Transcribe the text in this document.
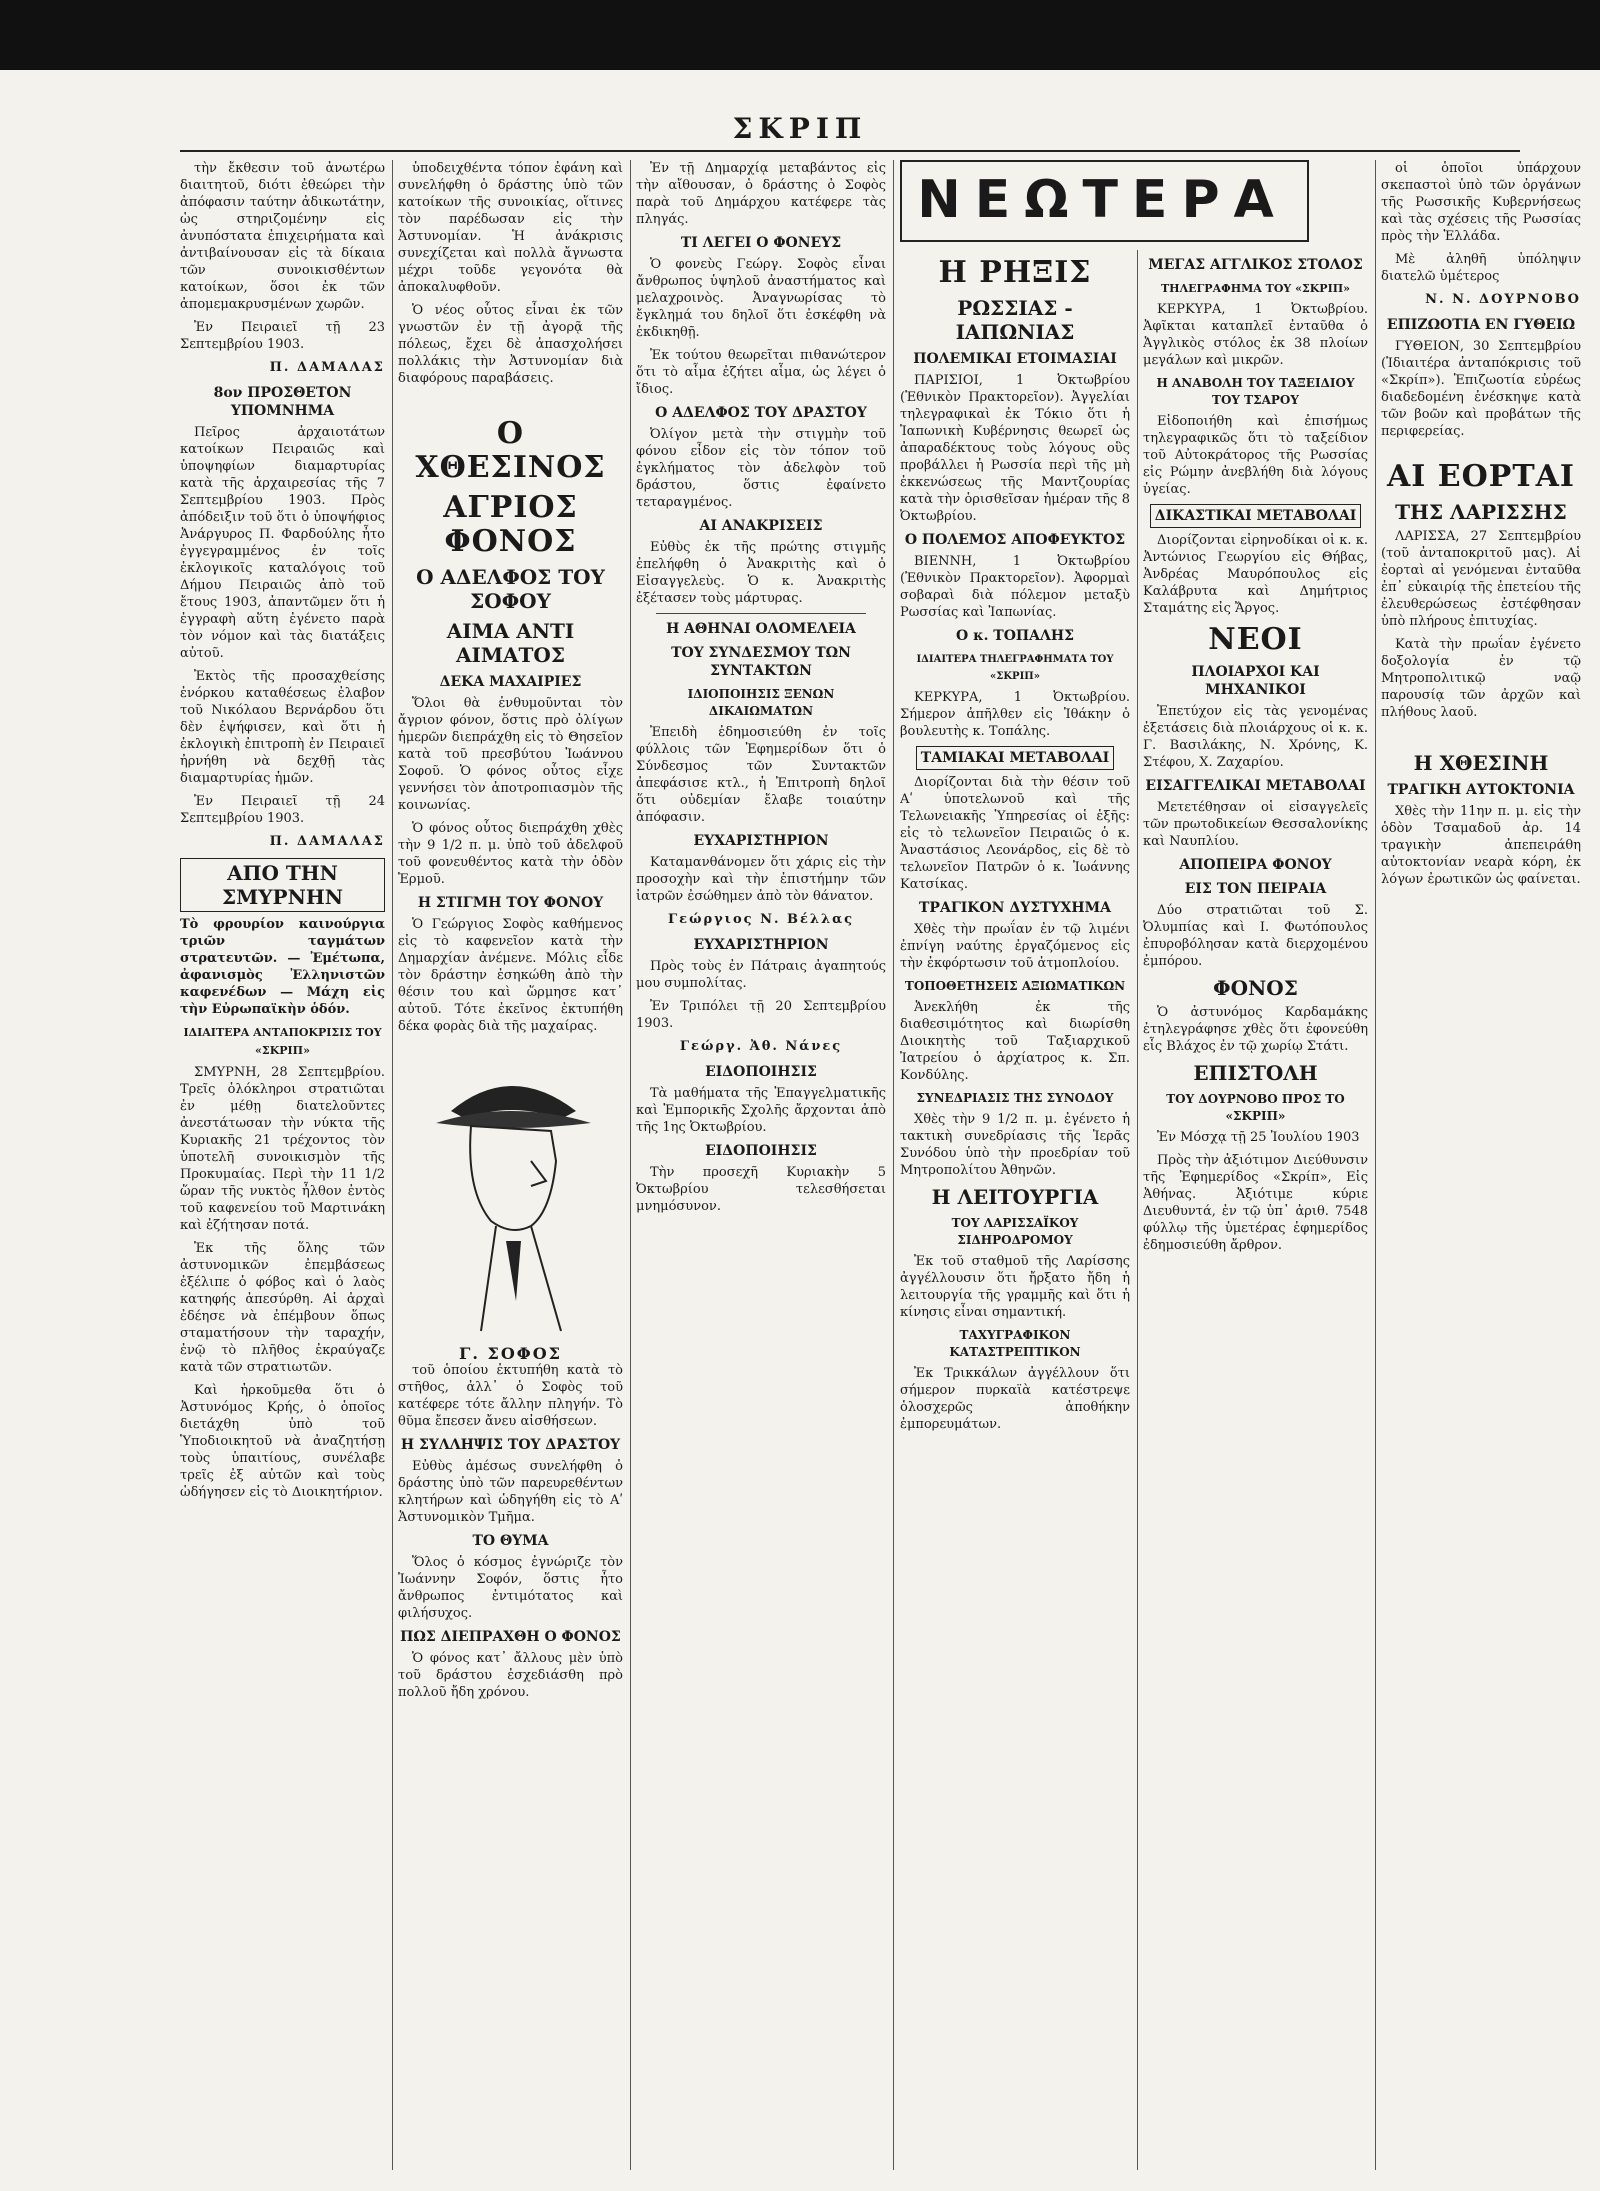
ΣΚΡΙΠ

τὴν ἔκθεσιν τοῦ ἀνωτέρω διαιτητοῦ, διότι ἐθεώρει τὴν ἀπόφασιν ταύτην ἀδικωτάτην, ὡς στηριζομένην εἰς ἀνυπόστατα ἐπιχειρήματα καὶ ἀντιβαίνουσαν εἰς τὰ δίκαια τῶν συνοικισθέντων κατοίκων, ὅσοι ἐκ τῶν ἀπομεμακρυσμένων χωρῶν.

Ἐν Πειραιεῖ τῇ 23 Σεπτεμβρίου 1903.

Π. ΔΑΜΑΛΑΣ
8ον ΠΡΟΣΘΕΤΟΝ ΥΠΟΜΝΗΜΑ

Πεῖρος ἀρχαιοτάτων κατοίκων Πειραιῶς καὶ ὑποψηφίων διαμαρτυρίας κατὰ τῆς ἀρχαιρεσίας τῆς 7 Σεπτεμβρίου 1903. Πρὸς ἀπόδειξιν τοῦ ὅτι ὁ ὑποψήφιος Ἀνάργυρος Π. Φαρδούλης ἦτο ἐγγεγραμμένος ἐν τοῖς ἐκλογικοῖς καταλόγοις τοῦ Δήμου Πειραιῶς ἀπὸ τοῦ ἔτους 1903, ἀπαντῶμεν ὅτι ἡ ἐγγραφὴ αὕτη ἐγένετο παρὰ τὸν νόμον καὶ τὰς διατάξεις αὐτοῦ.

Ἐκτὸς τῆς προσαχθείσης ἐνόρκου καταθέσεως ἐλαβον τοῦ Νικόλαου Βερνάρδου ὅτι δὲν ἐψήφισεν, καὶ ὅτι ἡ ἐκλογικὴ ἐπιτροπὴ ἐν Πειραιεῖ ἠρνήθη νὰ δεχθῇ τὰς διαμαρτυρίας ἡμῶν.

Ἐν Πειραιεῖ τῇ 24 Σεπτεμβρίου 1903.

Π. ΔΑΜΑΛΑΣ
ΑΠΟ ΤΗΝ ΣΜΥΡΝΗΝ

Τὸ φρουρίον καινούργια τριῶν ταγμάτων στρατευτῶν. — Ἐμέτωπα, ἀφανισμὸς Ἐλληνιστῶν καφενέδων — Μάχη εἰς τὴν Εὐρωπαϊκὴν ὁδόν.

ΙΔΙΑΙΤΕΡΑ ΑΝΤΑΠΟΚΡΙΣΙΣ ΤΟΥ «ΣΚΡΙΠ»

ΣΜΥΡΝΗ, 28 Σεπτεμβρίου. Τρεῖς ὁλόκληροι στρατιῶται ἐν μέθῃ διατελοῦντες ἀνεστάτωσαν τὴν νύκτα τῆς Κυριακῆς 21 τρέχοντος τὸν ὑποτελῆ συνοικισμὸν τῆς Προκυμαίας. Περὶ τὴν 11 1/2 ὥραν τῆς νυκτὸς ἦλθον ἐντὸς τοῦ καφενείου τοῦ Μαρτινάκη καὶ ἐζήτησαν ποτά.

Ἐκ τῆς ὅλης τῶν ἀστυνομικῶν ἐπεμβάσεως ἐξέλιπε ὁ φόβος καὶ ὁ λαὸς κατηφής ἀπεσύρθη. Αἱ ἀρχαὶ ἐδέησε νὰ ἐπέμβουν ὅπως σταματήσουν τὴν ταραχήν, ἐνῷ τὸ πλῆθος ἐκραύγαζε κατὰ τῶν στρατιωτῶν.

Καὶ ἠρκοῦμεθα ὅτι ὁ Ἀστυνόμος Κρής, ὁ ὁποῖος διετάχθη ὑπὸ τοῦ Ὑποδιοικητοῦ νὰ ἀναζητήσῃ τοὺς ὑπαιτίους, συνέλαβε τρεῖς ἐξ αὐτῶν καὶ τοὺς ὡδήγησεν εἰς τὸ Διοικητήριον.

ὑποδειχθέντα τόπον ἐφάνη καὶ συνελήφθη ὁ δράστης ὑπὸ τῶν κατοίκων τῆς συνοικίας, οἵτινες τὸν παρέδωσαν εἰς τὴν Ἀστυνομίαν. Ἡ ἀνάκρισις συνεχίζεται καὶ πολλὰ ἄγνωστα μέχρι τοῦδε γεγονότα θὰ ἀποκαλυφθοῦν.

Ὁ νέος οὗτος εἶναι ἐκ τῶν γνωστῶν ἐν τῇ ἀγορᾷ τῆς πόλεως, ἔχει δὲ ἀπασχολήσει πολλάκις τὴν Ἀστυνομίαν διὰ διαφόρους παραβάσεις.

Ο ΧΘΕΣΙΝΟΣ
ΑΓΡΙΟΣ ΦΟΝΟΣ
Ο ΑΔΕΛΦΟΣ ΤΟΥ ΣΟΦΟΥ
ΑΙΜΑ ΑΝΤΙ ΑΙΜΑΤΟΣ
ΔΕΚΑ ΜΑΧΑΙΡΙΕΣ

Ὅλοι θὰ ἐνθυμοῦνται τὸν ἄγριον φόνον, ὅστις πρὸ ὀλίγων ἡμερῶν διεπράχθη εἰς τὸ Θησεῖον κατὰ τοῦ πρεσβύτου Ἰωάννου Σοφοῦ. Ὁ φόνος οὗτος εἶχε γεννήσει τὸν ἀποτροπιασμὸν τῆς κοινωνίας.

Ὁ φόνος οὗτος διεπράχθη χθὲς τὴν 9 1/2 π. μ. ὑπὸ τοῦ ἀδελφοῦ τοῦ φονευθέντος κατὰ τὴν ὁδὸν Ἑρμοῦ.

Η ΣΤΙΓΜΗ ΤΟΥ ΦΟΝΟΥ

Ὁ Γεώργιος Σοφὸς καθήμενος εἰς τὸ καφενεῖον κατὰ τὴν Δημαρχίαν ἀνέμενε. Μόλις εἶδε τὸν δράστην ἐσηκώθη ἀπὸ τὴν θέσιν του καὶ ὥρμησε κατ᾽ αὐτοῦ. Τότε ἐκεῖνος ἐκτυπήθη δέκα φορὰς διὰ τῆς μαχαίρας.

Γ. ΣΟΦΟΣ

τοῦ ὁποίου ἐκτυπήθη κατὰ τὸ στῆθος, ἀλλ᾽ ὁ Σοφὸς τοῦ κατέφερε τότε ἄλλην πληγήν. Τὸ θῦμα ἔπεσεν ἄνευ αἰσθήσεων.

Η ΣΥΛΛΗΨΙΣ ΤΟΥ ΔΡΑΣΤΟΥ

Εὐθὺς ἀμέσως συνελήφθη ὁ δράστης ὑπὸ τῶν παρευρεθέντων κλητήρων καὶ ὡδηγήθη εἰς τὸ Αʹ Ἀστυνομικὸν Τμῆμα.

ΤΟ ΘΥΜΑ

Ὅλος ὁ κόσμος ἐγνώριζε τὸν Ἰωάννην Σοφόν, ὅστις ἦτο ἄνθρωπος ἐντιμότατος καὶ φιλήσυχος.

ΠΩΣ ΔΙΕΠΡΑΧΘΗ Ο ΦΟΝΟΣ

Ὁ φόνος κατ᾽ ἄλλους μὲν ὑπὸ τοῦ δράστου ἐσχεδιάσθη πρὸ πολλοῦ ἤδη χρόνου.

Ἐν τῇ Δημαρχίᾳ μεταβάντος εἰς τὴν αἴθουσαν, ὁ δράστης ὁ Σοφὸς παρὰ τοῦ Δημάρχου κατέφερε τὰς πληγάς.

ΤΙ ΛΕΓΕΙ Ο ΦΟΝΕΥΣ

Ὁ φονεὺς Γεώργ. Σοφὸς εἶναι ἄνθρωπος ὑψηλοῦ ἀναστήματος καὶ μελαχροινὸς. Ἀναγνωρίσας τὸ ἔγκλημά του δηλοῖ ὅτι ἐσκέφθη νὰ ἐκδικηθῇ.

Ἐκ τούτου θεωρεῖται πιθανώτερον ὅτι τὸ αἷμα ἐζήτει αἷμα, ὡς λέγει ὁ ἴδιος.

Ο ΑΔΕΛΦΟΣ ΤΟΥ ΔΡΑΣΤΟΥ

Ὀλίγον μετὰ τὴν στιγμὴν τοῦ φόνου εἶδον εἰς τὸν τόπον τοῦ ἐγκλήματος τὸν ἀδελφὸν τοῦ δράστου, ὅστις ἐφαίνετο τεταραγμένος.

ΑΙ ΑΝΑΚΡΙΣΕΙΣ

Εὐθὺς ἐκ τῆς πρώτης στιγμῆς ἐπελήφθη ὁ Ἀνακριτὴς καὶ ὁ Εἰσαγγελεὺς. Ὁ κ. Ἀνακριτὴς ἐξέτασεν τοὺς μάρτυρας.

Η ΑΘΗΝΑΙ ΟΛΟΜΕΛΕΙΑ
ΤΟΥ ΣΥΝΔΕΣΜΟΥ ΤΩΝ ΣΥΝΤΑΚΤΩΝ
ΙΔΙΟΠΟΙΗΣΙΣ ΞΕΝΩΝ ΔΙΚΑΙΩΜΑΤΩΝ

Ἐπειδὴ ἐδημοσιεύθη ἐν τοῖς φύλλοις τῶν Ἐφημερίδων ὅτι ὁ Σύνδεσμος τῶν Συντακτῶν ἀπεφάσισε κτλ., ἡ Ἐπιτροπὴ δηλοῖ ὅτι οὐδεμίαν ἔλαβε τοιαύτην ἀπόφασιν.

ΕΥΧΑΡΙΣΤΗΡΙΟΝ

Καταμανθάνομεν ὅτι χάρις εἰς τὴν προσοχὴν καὶ τὴν ἐπιστήμην τῶν ἰατρῶν ἐσώθημεν ἀπὸ τὸν θάνατον.

Γεώργιος Ν. Βέλλας
ΕΥΧΑΡΙΣΤΗΡΙΟΝ

Πρὸς τοὺς ἐν Πάτραις ἀγαπητούς μου συμπολίτας.

Ἐν Τριπόλει τῇ 20 Σεπτεμβρίου 1903.

Γεώργ. Ἀθ. Νάνες
ΕΙΔΟΠΟΙΗΣΙΣ

Τὰ μαθήματα τῆς Ἐπαγγελματικῆς καὶ Ἐμπορικῆς Σχολῆς ἄρχονται ἀπὸ τῆς 1ης Ὀκτωβρίου.

ΕΙΔΟΠΟΙΗΣΙΣ

Τὴν προσεχῆ Κυριακὴν 5 Ὀκτωβρίου τελεσθήσεται μνημόσυνον.

ΝΕΩΤΕΡΑ
Η ΡΗΞΙΣ
ΡΩΣΣΙΑΣ - ΙΑΠΩΝΙΑΣ
ΠΟΛΕΜΙΚΑΙ ΕΤΟΙΜΑΣΙΑΙ

ΠΑΡΙΣΙΟΙ, 1 Ὀκτωβρίου (Ἐθνικὸν Πρακτορεῖον). Ἀγγελίαι τηλεγραφικαὶ ἐκ Τόκιο ὅτι ἡ Ἰαπωνικὴ Κυβέρνησις θεωρεῖ ὡς ἀπαραδέκτους τοὺς λόγους οὓς προβάλλει ἡ Ρωσσία περὶ τῆς μὴ ἐκκενώσεως τῆς Μαντζουρίας κατὰ τὴν ὁρισθεῖσαν ἡμέραν τῆς 8 Ὀκτωβρίου.

Ο ΠΟΛΕΜΟΣ ΑΠΟΦΕΥΚΤΟΣ

ΒΙΕΝΝΗ, 1 Ὀκτωβρίου (Ἐθνικὸν Πρακτορεῖον). Ἀφορμαὶ σοβαραὶ διὰ πόλεμον μεταξὺ Ρωσσίας καὶ Ἰαπωνίας.

Ο κ. ΤΟΠΑΛΗΣ
ΙΔΙΑΙΤΕΡΑ ΤΗΛΕΓΡΑΦΗΜΑΤΑ ΤΟΥ «ΣΚΡΙΠ»

ΚΕΡΚΥΡΑ, 1 Ὀκτωβρίου. Σήμερον ἀπῆλθεν εἰς Ἰθάκην ὁ βουλευτὴς κ. Τοπάλης.

ΤΑΜΙΑΚΑΙ ΜΕΤΑΒΟΛΑΙ

Διορίζονται διὰ τὴν θέσιν τοῦ Αʹ ὑποτελωνοῦ καὶ τῆς Τελωνειακῆς Ὑπηρεσίας οἱ ἑξῆς: εἰς τὸ τελωνεῖον Πειραιῶς ὁ κ. Ἀναστάσιος Λεονάρδος, εἰς δὲ τὸ τελωνεῖον Πατρῶν ὁ κ. Ἰωάννης Κατσίκας.

ΤΡΑΓΙΚΟΝ ΔΥΣΤΥΧΗΜΑ

Χθὲς τὴν πρωΐαν ἐν τῷ λιμένι ἐπνίγη ναύτης ἐργαζόμενος εἰς τὴν ἐκφόρτωσιν τοῦ ἀτμοπλοίου.

ΤΟΠΟΘΕΤΗΣΕΙΣ ΑΞΙΩΜΑΤΙΚΩΝ

Ἀνεκλήθη ἐκ τῆς διαθεσιμότητος καὶ διωρίσθη Διοικητὴς τοῦ Ταξιαρχικοῦ Ἰατρείου ὁ ἀρχίατρος κ. Σπ. Κονδύλης.

ΣΥΝΕΔΡΙΑΣΙΣ ΤΗΣ ΣΥΝΟΔΟΥ

Χθὲς τὴν 9 1/2 π. μ. ἐγένετο ἡ τακτικὴ συνεδρίασις τῆς Ἱερᾶς Συνόδου ὑπὸ τὴν προεδρίαν τοῦ Μητροπολίτου Ἀθηνῶν.

Η ΛΕΙΤΟΥΡΓΙΑ
ΤΟΥ ΛΑΡΙΣΣΑΪΚΟΥ ΣΙΔΗΡΟΔΡΟΜΟΥ

Ἐκ τοῦ σταθμοῦ τῆς Λαρίσσης ἀγγέλλουσιν ὅτι ἤρξατο ἤδη ἡ λειτουργία τῆς γραμμῆς καὶ ὅτι ἡ κίνησις εἶναι σημαντική.

ΤΑΧΥΓΡΑΦΙΚΟΝ ΚΑΤΑΣΤΡΕΠΤΙΚΟΝ

Ἐκ Τρικκάλων ἀγγέλλουν ὅτι σήμερον πυρκαϊὰ κατέστρεψε ὁλοσχερῶς ἀποθήκην ἐμπορευμάτων.

ΜΕΓΑΣ ΑΓΓΛΙΚΟΣ ΣΤΟΛΟΣ
ΤΗΛΕΓΡΑΦΗΜΑ ΤΟΥ «ΣΚΡΙΠ»

ΚΕΡΚΥΡΑ, 1 Ὀκτωβρίου. Ἀφῖκται καταπλεῖ ἐνταῦθα ὁ Ἀγγλικὸς στόλος ἐκ 38 πλοίων μεγάλων καὶ μικρῶν.

Η ΑΝΑΒΟΛΗ ΤΟΥ ΤΑΞΕΙΔΙΟΥ ΤΟΥ ΤΣΑΡΟΥ

Εἰδοποιήθη καὶ ἐπισήμως τηλεγραφικῶς ὅτι τὸ ταξείδιον τοῦ Αὐτοκράτορος τῆς Ρωσσίας εἰς Ρώμην ἀνεβλήθη διὰ λόγους ὑγείας.

ΔΙΚΑΣΤΙΚΑΙ ΜΕΤΑΒΟΛΑΙ

Διορίζονται εἰρηνοδίκαι οἱ κ. κ. Ἀντώνιος Γεωργίου εἰς Θήβας, Ἀνδρέας Μαυρόπουλος εἰς Καλάβρυτα καὶ Δημήτριος Σταμάτης εἰς Ἄργος.

ΝΕΟΙ
ΠΛΟΙΑΡΧΟΙ ΚΑΙ ΜΗΧΑΝΙΚΟΙ

Ἐπετύχον εἰς τὰς γενομένας ἐξετάσεις διὰ πλοιάρχους οἱ κ. κ. Γ. Βασιλάκης, Ν. Χρόνης, Κ. Στέφου, Χ. Ζαχαρίου.

ΕΙΣΑΓΓΕΛΙΚΑΙ ΜΕΤΑΒΟΛΑΙ

Μετετέθησαν οἱ εἰσαγγελεῖς τῶν πρωτοδικείων Θεσσαλονίκης καὶ Ναυπλίου.

ΑΠΟΠΕΙΡΑ ΦΟΝΟΥ
ΕΙΣ ΤΟΝ ΠΕΙΡΑΙΑ

Δύο στρατιῶται τοῦ Σ. Ὀλυμπίας καὶ Ι. Φωτόπουλος ἐπυροβόλησαν κατὰ διερχομένου ἐμπόρου.

ΦΟΝΟΣ

Ὁ ἀστυνόμος Καρδαμάκης ἐτηλεγράφησε χθὲς ὅτι ἐφονεύθη εἷς Βλάχος ἐν τῷ χωρίῳ Στάτι.

ΕΠΙΣΤΟΛΗ
ΤΟΥ ΔΟΥΡΝΟΒΟ ΠΡΟΣ ΤΟ «ΣΚΡΙΠ»

Ἐν Μόσχᾳ τῇ 25 Ἰουλίου 1903

Πρὸς τὴν ἀξιότιμον Διεύθυνσιν τῆς Ἐφημερίδος «Σκρίπ», Εἰς Ἀθήνας. Ἀξιότιμε κύριε Διευθυντά, ἐν τῷ ὑπ᾽ ἀριθ. 7548 φύλλῳ τῆς ὑμετέρας ἐφημερίδος ἐδημοσιεύθη ἄρθρον.

οἱ ὁποῖοι ὑπάρχουν σκεπαστοὶ ὑπὸ τῶν ὀργάνων τῆς Ρωσσικῆς Κυβερνήσεως καὶ τὰς σχέσεις τῆς Ρωσσίας πρὸς τὴν Ἑλλάδα.

Μὲ ἀληθῆ ὑπόληψιν διατελῶ ὑμέτερος

Ν. Ν. ΔΟΥΡΝΟΒΟ
ΕΠΙΖΩΟΤΙΑ ΕΝ ΓΥΘΕΙΩ

ΓΥΘΕΙΟΝ, 30 Σεπτεμβρίου (Ἰδιαιτέρα ἀνταπόκρισις τοῦ «Σκρίπ»). Ἐπιζωοτία εὐρέως διαδεδομένη ἐνέσκηψε κατὰ τῶν βοῶν καὶ προβάτων τῆς περιφερείας.

ΑΙ ΕΟΡΤΑΙ
ΤΗΣ ΛΑΡΙΣΣΗΣ

ΛΑΡΙΣΣΑ, 27 Σεπτεμβρίου (τοῦ ἀνταποκριτοῦ μας). Αἱ ἐορταὶ αἱ γενόμεναι ἐνταῦθα ἐπ᾽ εὐκαιρίᾳ τῆς ἐπετείου τῆς ἐλευθερώσεως ἐστέφθησαν ὑπὸ πλήρους ἐπιτυχίας.

Κατὰ τὴν πρωΐαν ἐγένετο δοξολογία ἐν τῷ Μητροπολιτικῷ ναῷ παρουσίᾳ τῶν ἀρχῶν καὶ πλήθους λαοῦ.

Η ΧΘΕΣΙΝΗ
ΤΡΑΓΙΚΗ ΑΥΤΟΚΤΟΝΙΑ

Χθὲς τὴν 11ην π. μ. εἰς τὴν ὁδὸν Τσαμαδοῦ ἀρ. 14 τραγικὴν ἀπεπειράθη αὐτοκτονίαν νεαρὰ κόρη, ἐκ λόγων ἐρωτικῶν ὡς φαίνεται.
